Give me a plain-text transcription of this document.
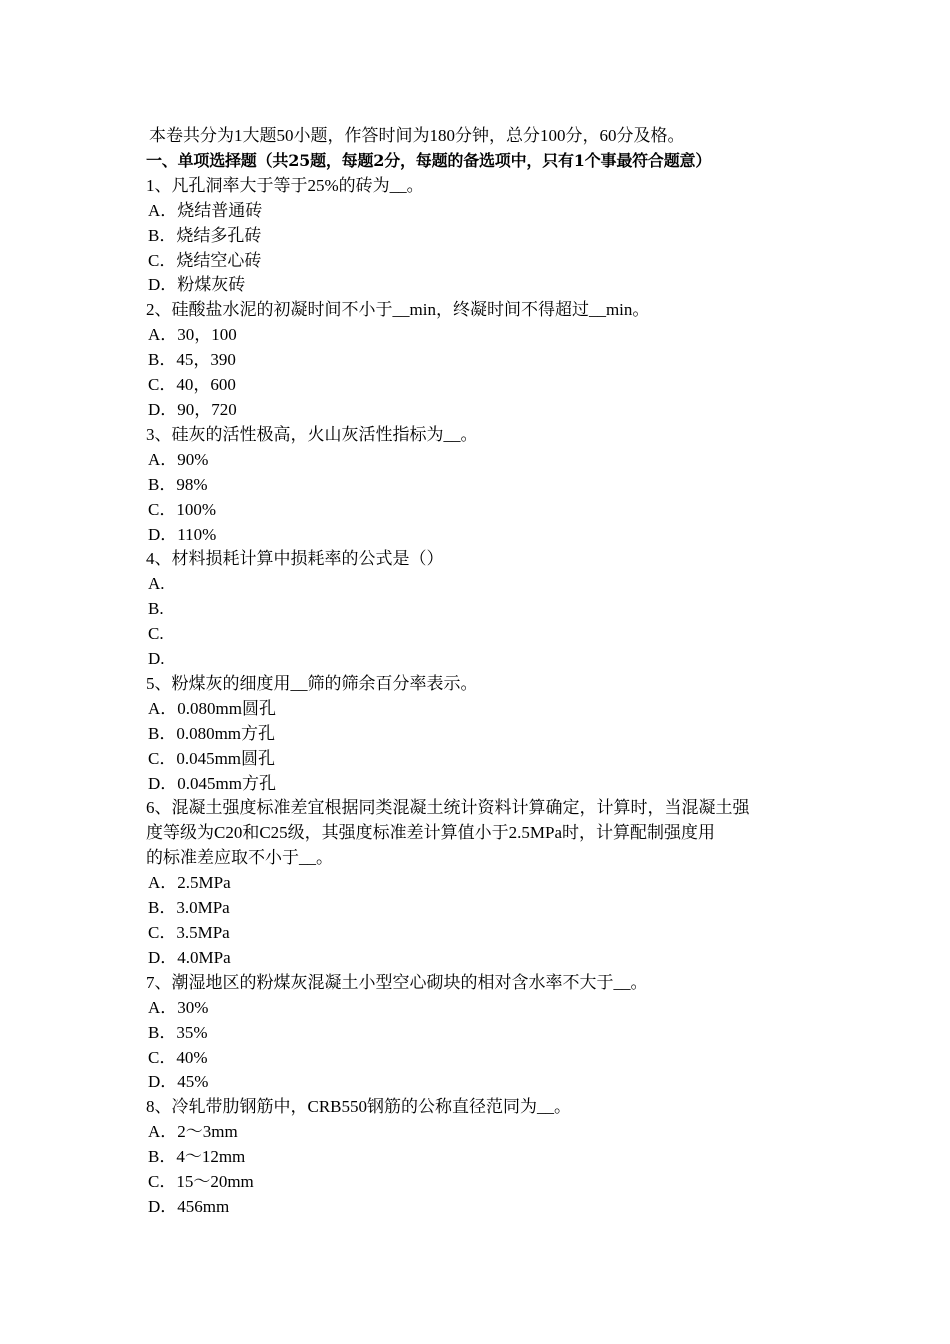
本卷共分为1大题50小题，作答时间为180分钟，总分100分，60分及格。
一、单项选择题（共25题，每题2分，每题的备选项中，只有1个事最符合题意）
1、凡孔洞率大于等于25%的砖为__。
A．烧结普通砖
B．烧结多孔砖
C．烧结空心砖
D．粉煤灰砖
2、硅酸盐水泥的初凝时间不小于__min，终凝时间不得超过__min。
A．30，100
B．45，390
C．40，600
D．90，720
3、硅灰的活性极高，火山灰活性指标为__。
A．90%
B．98%
C．100%
D．110%
4、材料损耗计算中损耗率的公式是（）
A.
B.
C.
D.
5、粉煤灰的细度用__筛的筛余百分率表示。
A．0.080mm圆孔
B．0.080mm方孔
C．0.045mm圆孔
D．0.045mm方孔
6、混凝土强度标准差宜根据同类混凝土统计资料计算确定，计算时，当混凝土强
度等级为C20和C25级，其强度标准差计算值小于2.5MPa时，计算配制强度用
的标准差应取不小于__。
A．2.5MPa
B．3.0MPa
C．3.5MPa
D．4.0MPa
7、潮湿地区的粉煤灰混凝土小型空心砌块的相对含水率不大于__。
A．30%
B．35%
C．40%
D．45%
8、冷轧带肋钢筋中，CRB550钢筋的公称直径范同为__。
A．2～3mm
B．4～12mm
C．15～20mm
D．456mm
